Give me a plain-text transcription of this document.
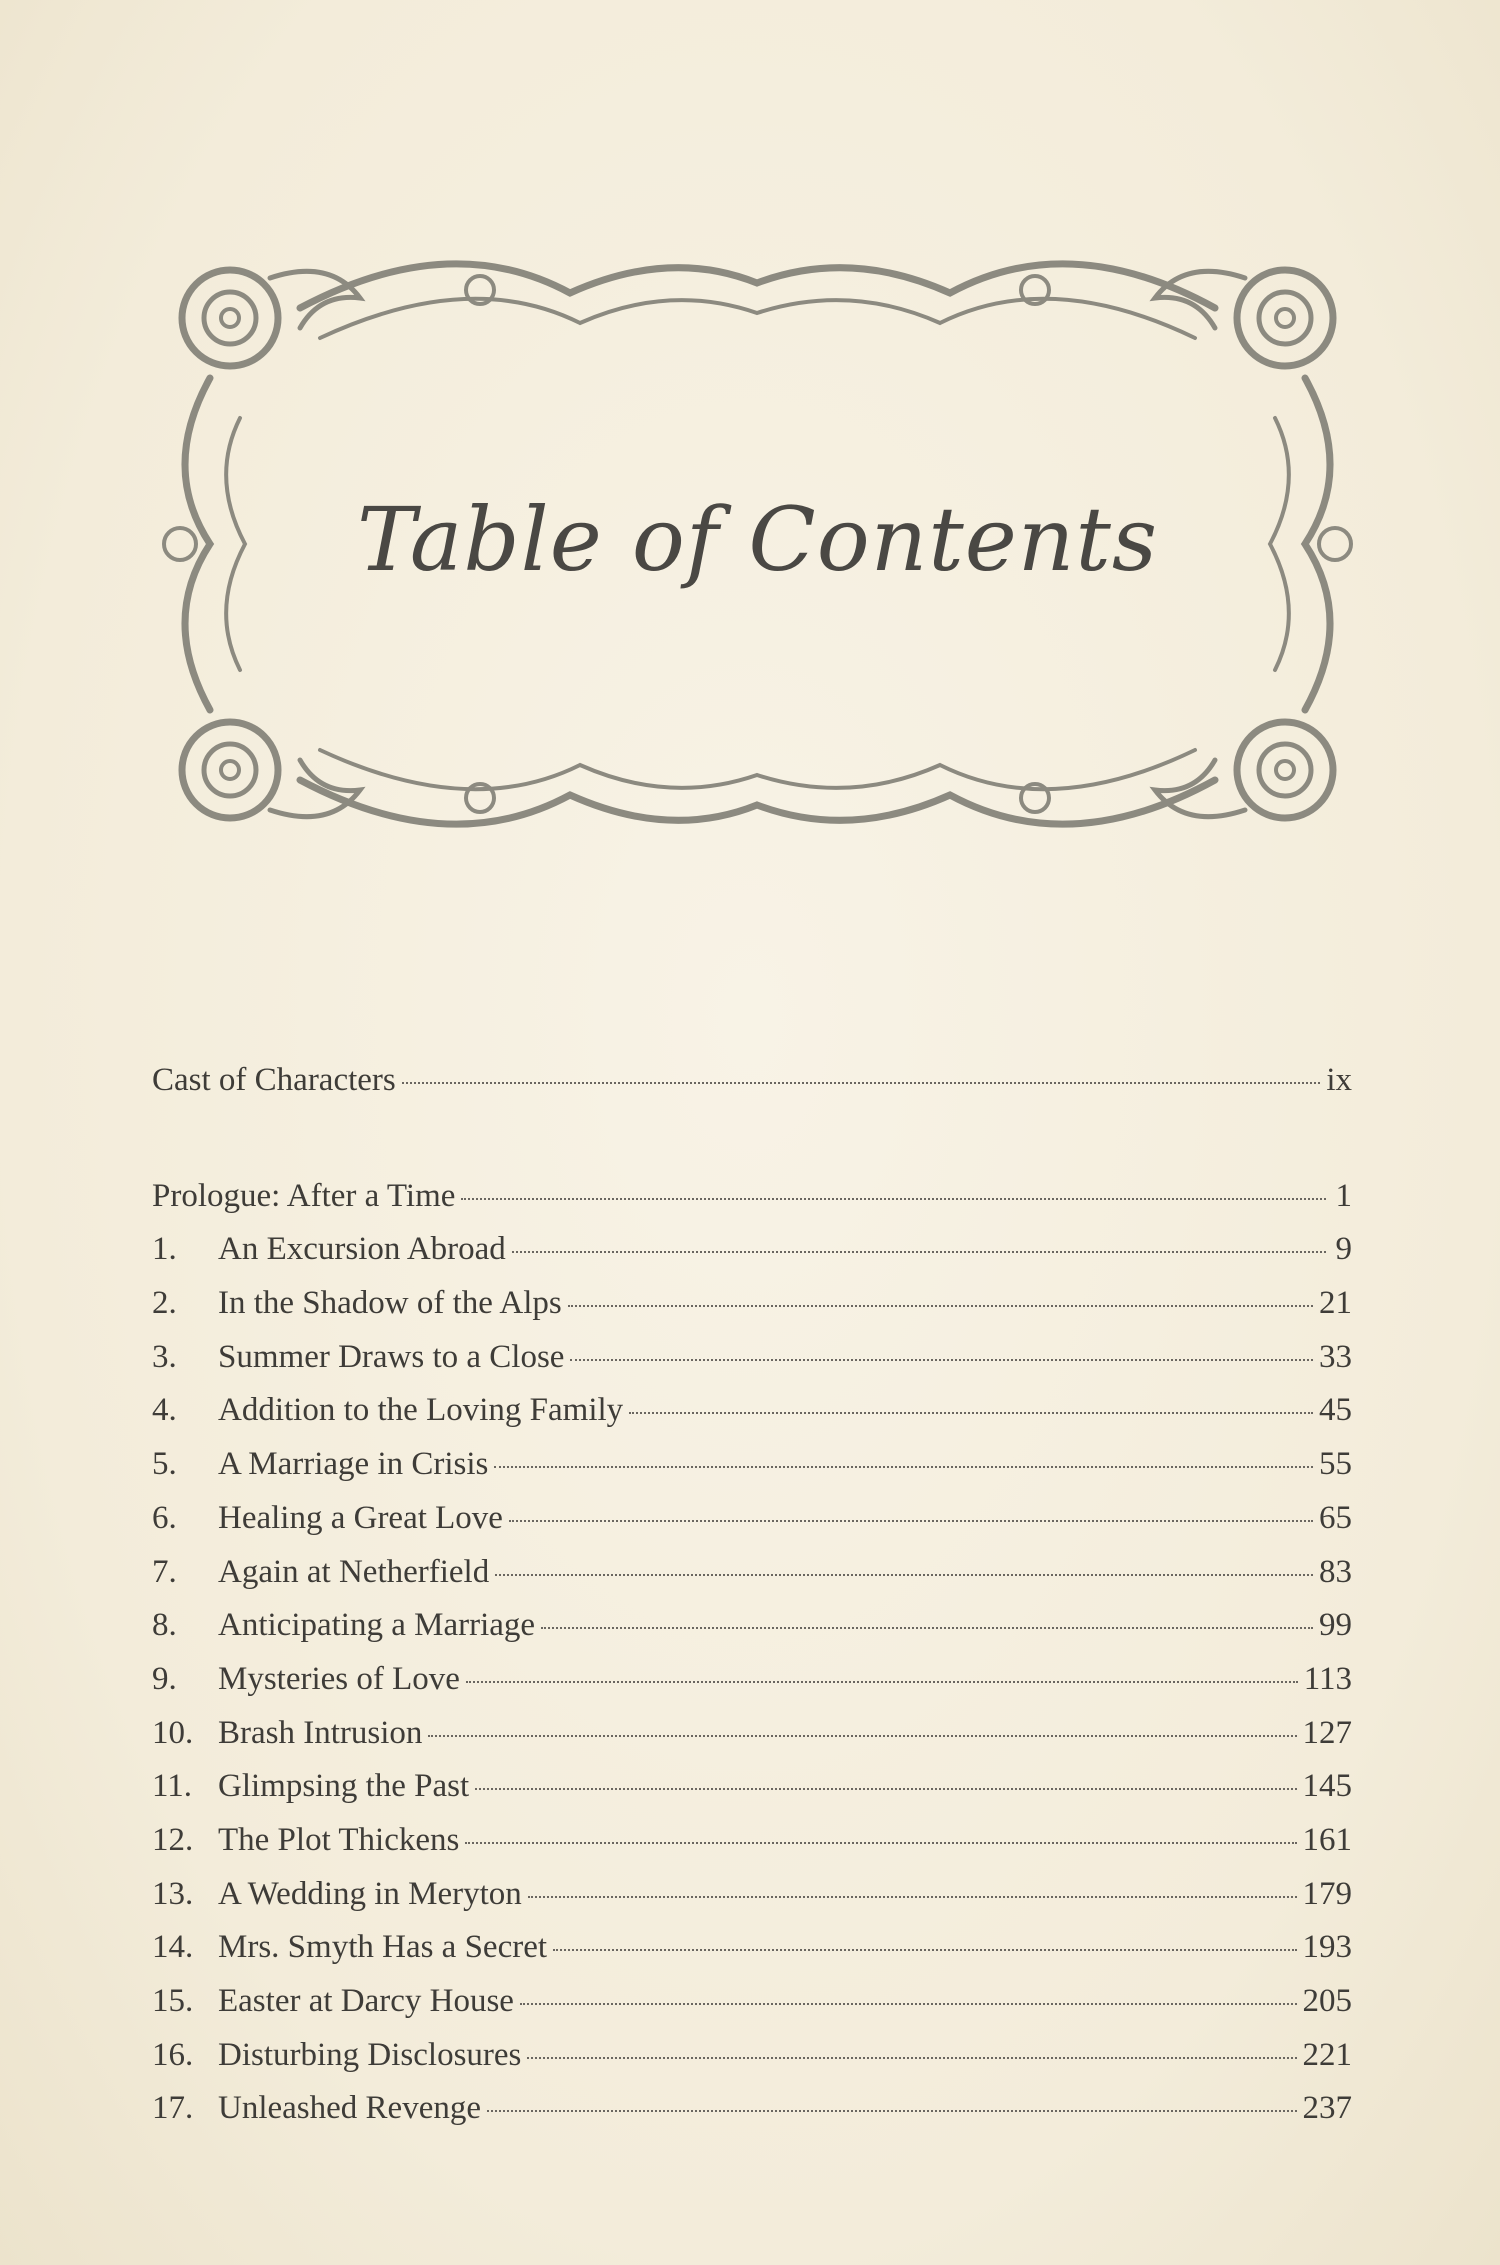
Table of Contents
Cast of Characters	ix
Prologue: After a Time	1
1.	An Excursion Abroad	9
2.	In the Shadow of the Alps	21
3.	Summer Draws to a Close	33
4.	Addition to the Loving Family	45
5.	A Marriage in Crisis	55
6.	Healing a Great Love	65
7.	Again at Netherfield	83
8.	Anticipating a Marriage	99
9.	Mysteries of Love	113
10. Brash Intrusion	127
11. Glimpsing the Past	145
12. The Plot Thickens	161
13. A Wedding in Meryton	179
14. Mrs. Smyth Has a Secret	193
15. Easter at Darcy House	205
16. Disturbing Disclosures	221
17. Unleashed Revenge	237
